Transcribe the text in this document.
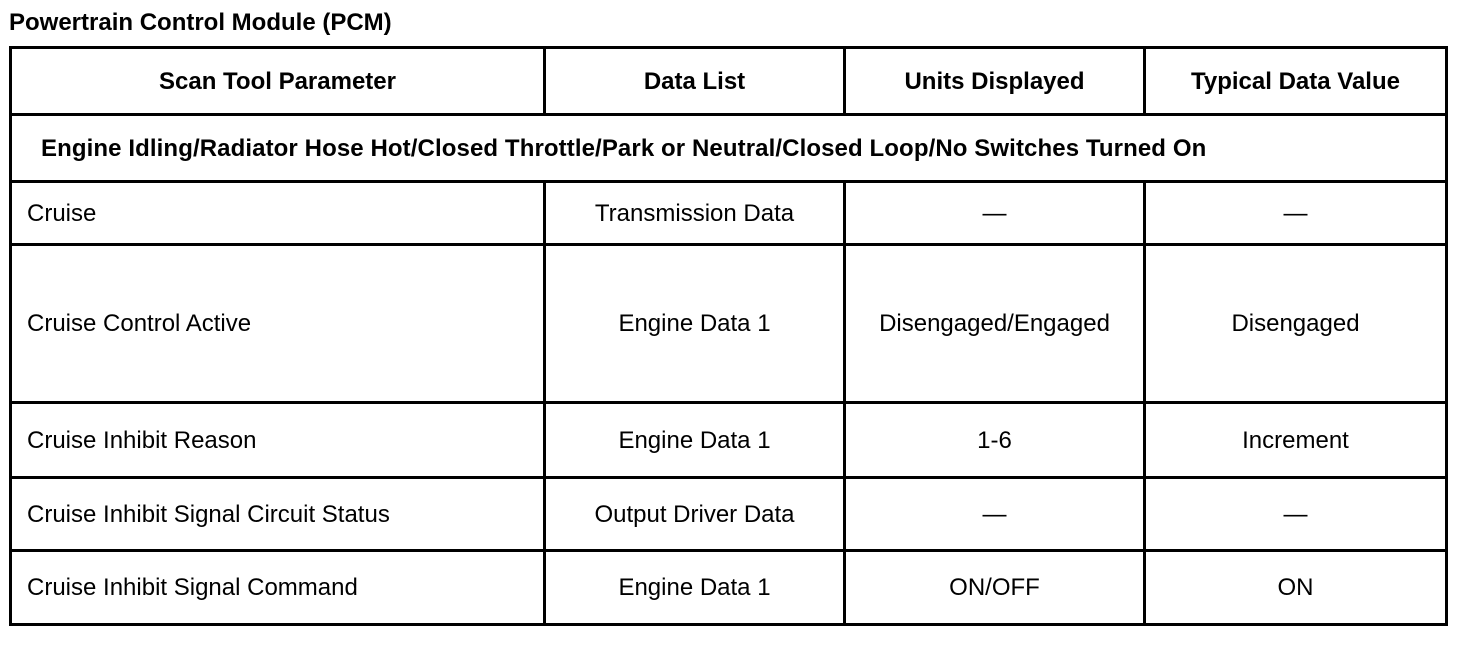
Powertrain Control Module (PCM)
Scan Tool Parameter	Data List	Units Displayed	Typical Data Value
Engine Idling/Radiator Hose Hot/Closed Throttle/Park or Neutral/Closed Loop/No Switches Turned On			
Cruise	Transmission Data	—	—
Cruise Control Active	Engine Data 1	Disengaged/Engaged	Disengaged
Cruise Inhibit Reason	Engine Data 1	1-6	Increment
Cruise Inhibit Signal Circuit Status	Output Driver Data	—	—
Cruise Inhibit Signal Command	Engine Data 1	ON/OFF	ON
